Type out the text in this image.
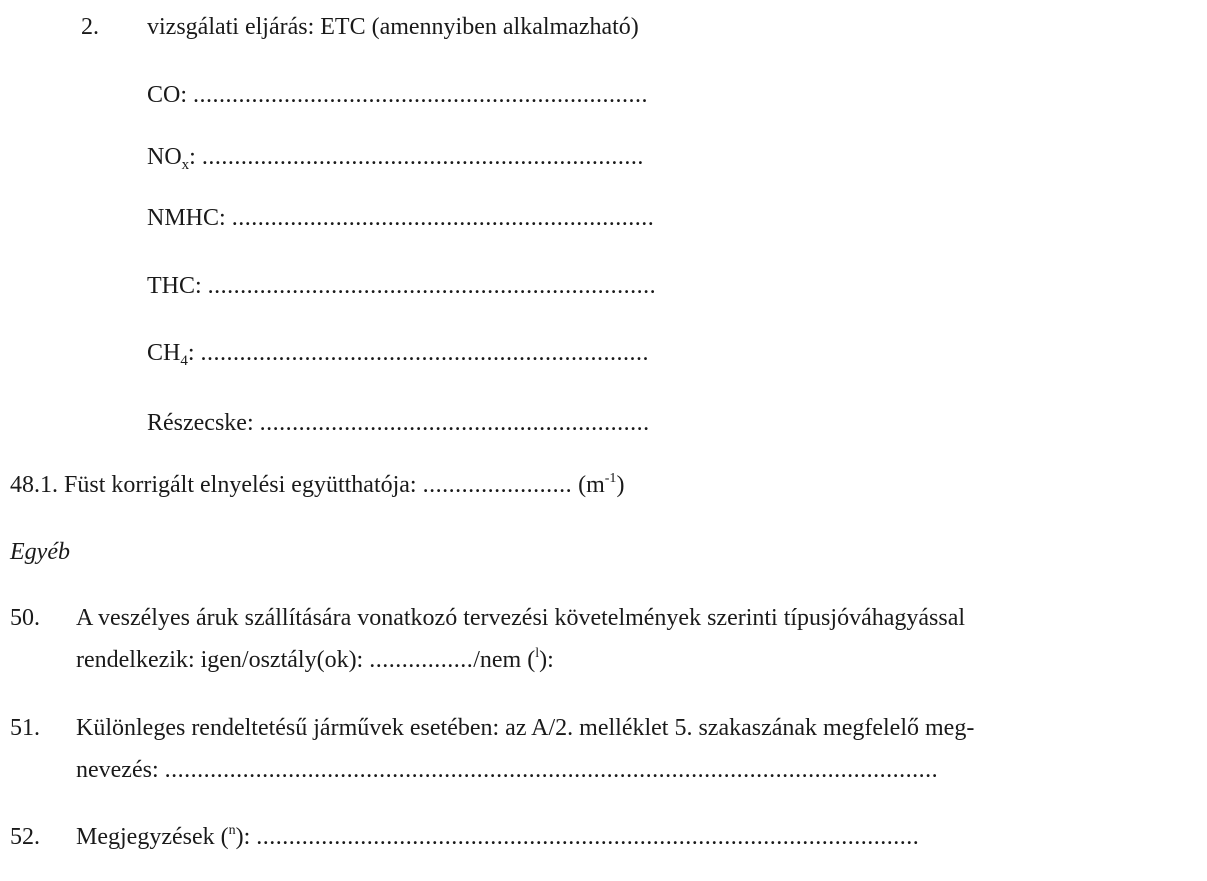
2. vizsgálati eljárás: ETC (amennyiben alkalmazható)
CO: ......................................................................
$NO_x$: ....................................................................
NMHC: .................................................................
THC: .....................................................................
$CH_4$: .....................................................................
Részecske: ............................................................
48.1. Füst korrigált elnyelési együtthatója: ....................... $(m^{-1})$
Egyéb
50. A veszélyes áruk szállítására vonatkozó tervezési követelmények szerinti típusjóváhagyással
rendelkezik: igen/osztály(ok): ................/nem ($^l$):
51. Különleges rendeltetésű járművek esetében: az A/2. melléklet 5. szakaszának megfelelő meg-
nevezés: .......................................................................................................................
52. Megjegyzések ($^n$): ......................................................................................................
